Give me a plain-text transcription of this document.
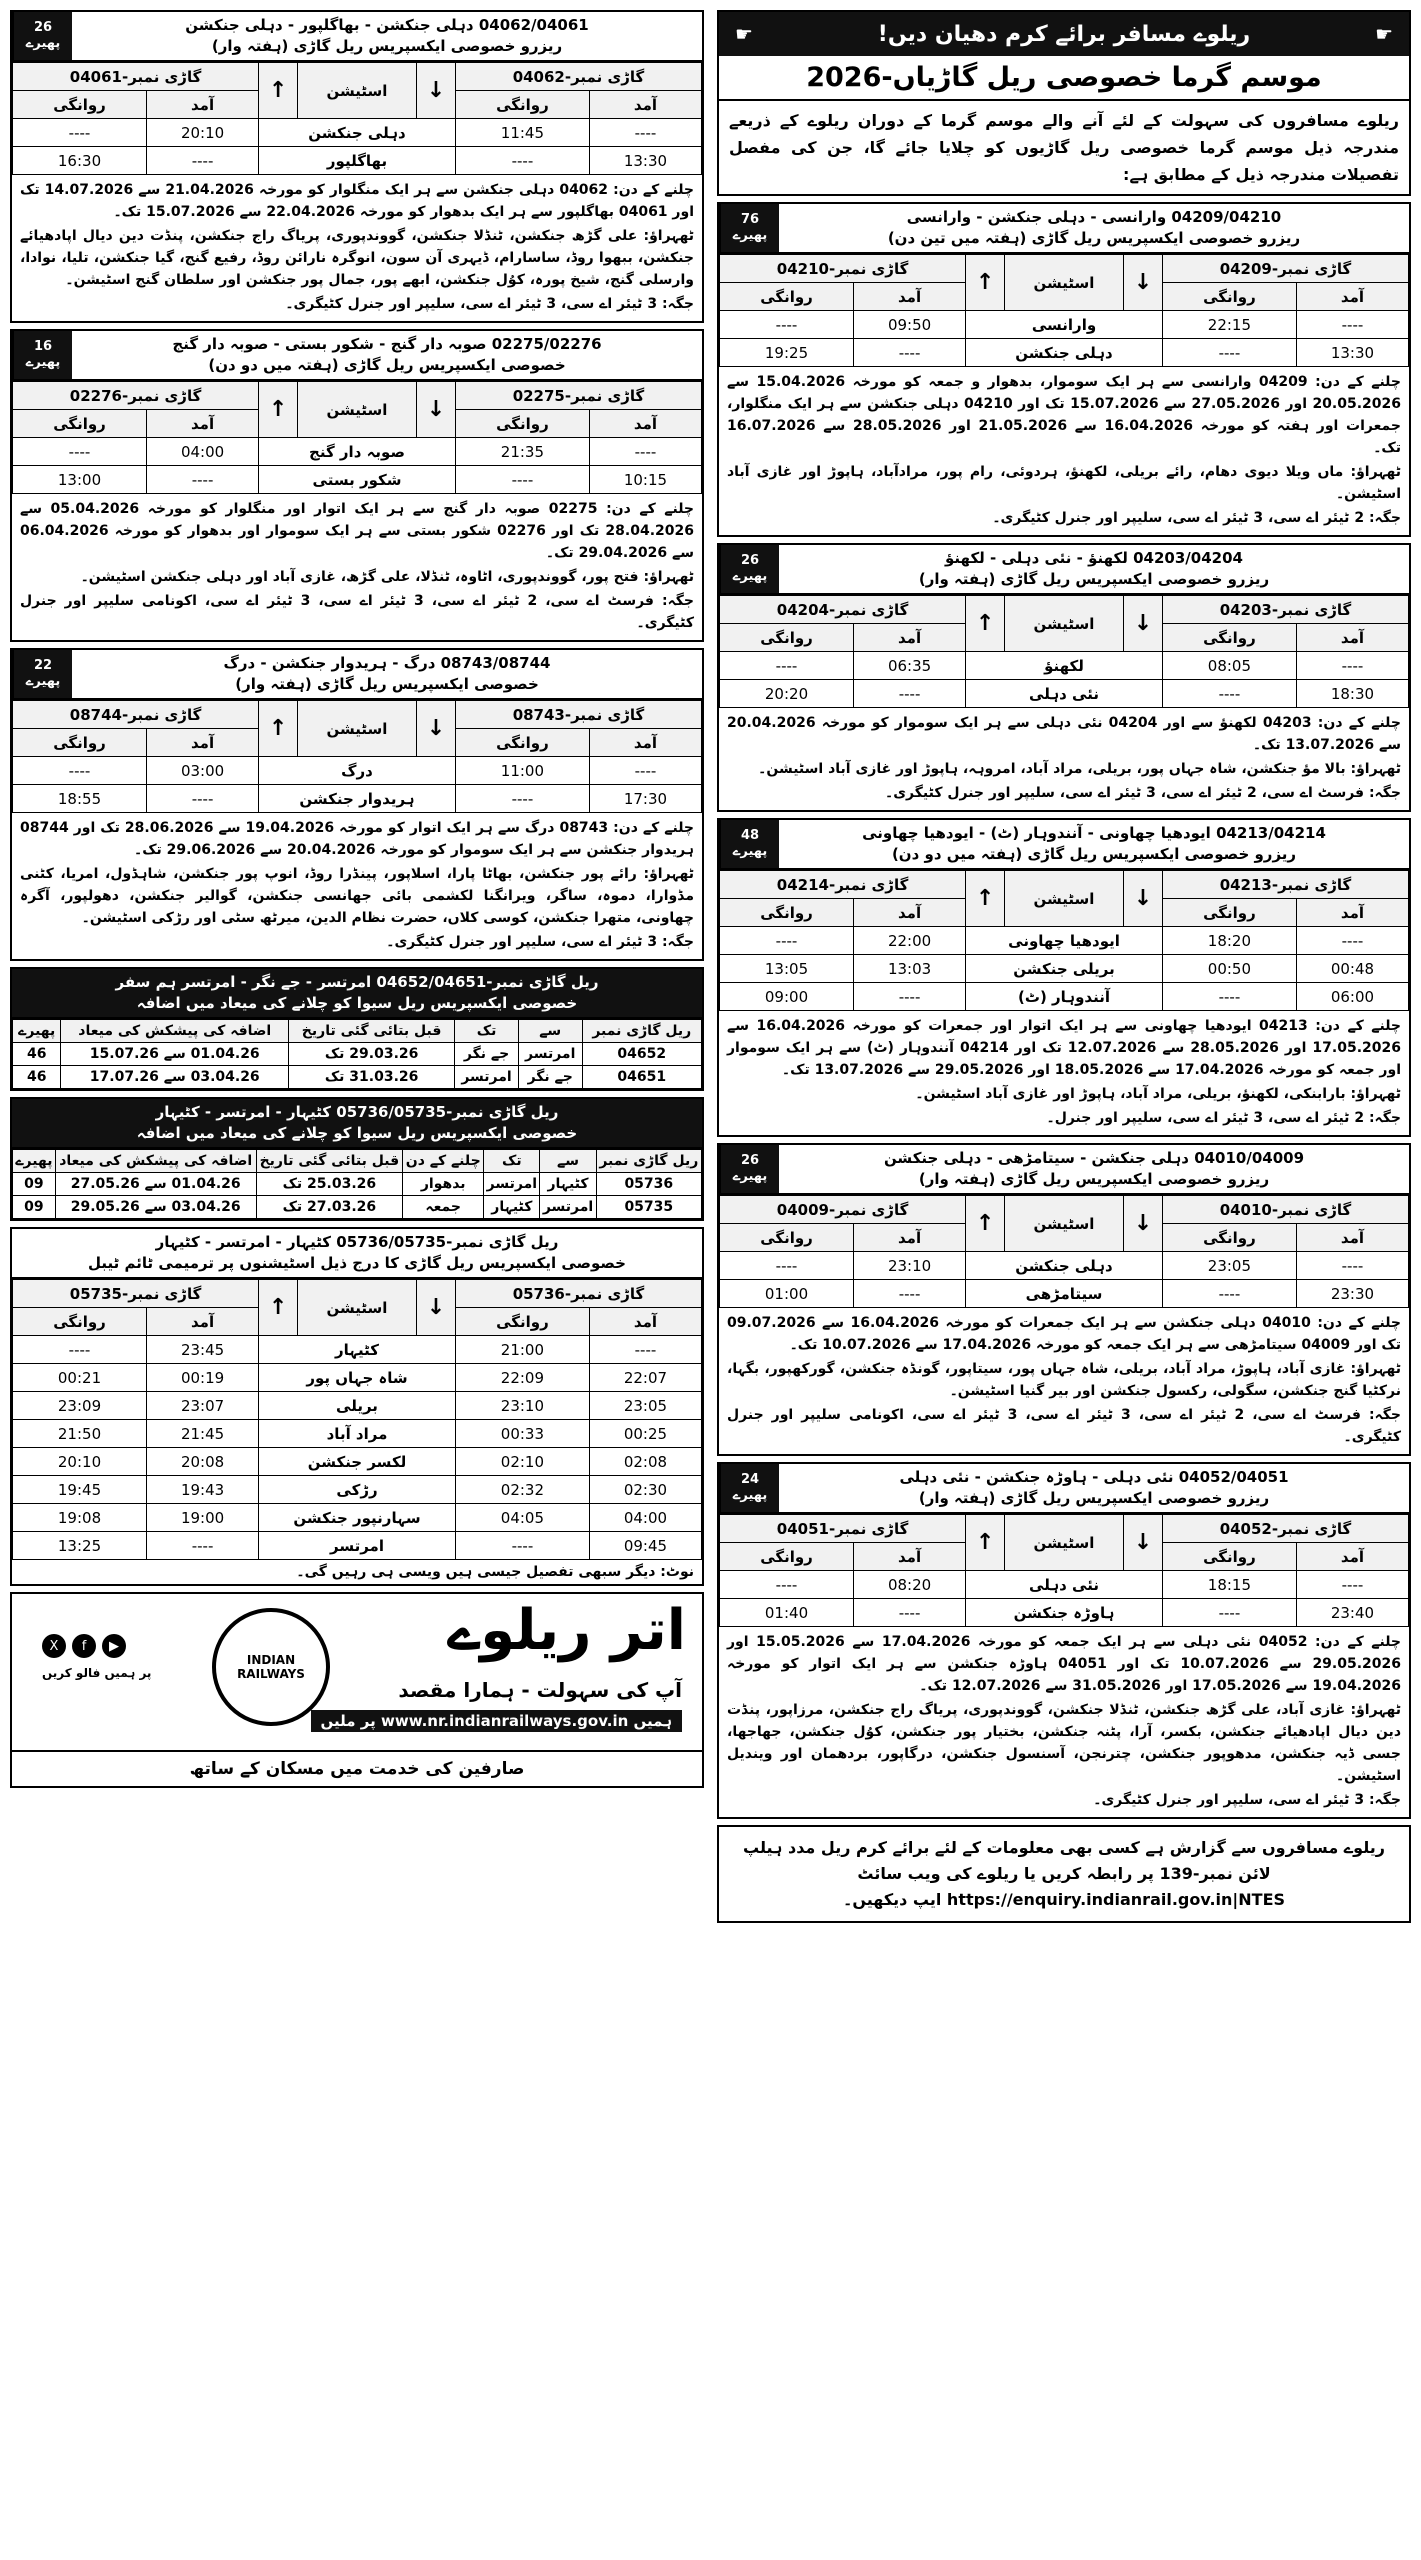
04062/04061 دہلی جنکشن - بھاگلپور - دہلی جنکشن
ریزرو خصوصی ایکسپریس ریل گاڑی (ہفتہ وار)
26
پھیرے
گاڑی نمبر-04062		↓	اسٹیشن	↑	گاڑی نمبر-04061	
آمد	روانگی				آمد	روانگی
----	11:45	دہلی جنکشن			20:10	----
13:30	----	بھاگلپور			----	16:30

چلنے کے دن: 04062 دہلی جنکشن سے ہر ایک منگلوار کو مورخہ 21.04.2026 سے 14.07.2026 تک اور 04061 بھاگلپور سے ہر ایک بدھوار کو مورخہ 22.04.2026 سے 15.07.2026 تک۔

ٹھہراؤ: علی گڑھ جنکشن، ٹنڈلا جنکشن، گووندپوری، پریاگ راج جنکشن، پنڈت دین دیال اپادھیائے جنکشن، ببھوا روڈ، ساسارام، ڈیہری آن سون، انوگرہ نارائن روڈ، رفیع گنج، گیا جنکشن، تلیا، نوادا، وارسلی گنج، شیخ پورہ، کوُل جنکشن، ابھے پور، جمال پور جنکشن اور سلطان گنج اسٹیشن۔

جگہ: 3 ٹیئر اے سی، 3 ٹیئر اے سی، سلیپر اور جنرل کٹیگری۔

02275/02276 صوبہ دار گنج - شکور بستی - صوبہ دار گنج
خصوصی ایکسپریس ریل گاڑی (ہفتہ میں دو دن)
16
پھیرے
گاڑی نمبر-02275		↓	اسٹیشن	↑	گاڑی نمبر-02276	
آمد	روانگی				آمد	روانگی
----	21:35	صوبہ دار گنج			04:00	----
10:15	----	شکور بستی			----	13:00

چلنے کے دن: 02275 صوبہ دار گنج سے ہر ایک اتوار اور منگلوار کو مورخہ 05.04.2026 سے 28.04.2026 تک اور 02276 شکور بستی سے ہر ایک سوموار اور بدھوار کو مورخہ 06.04.2026 سے 29.04.2026 تک۔

ٹھہراؤ: فتح پور، گووندپوری، اٹاوہ، ٹنڈلا، علی گڑھ، غازی آباد اور دہلی جنکشن اسٹیشن۔

جگہ: فرسٹ اے سی، 2 ٹیئر اے سی، 3 ٹیئر اے سی، 3 ٹیئر اے سی، اکونامی سلیپر اور جنرل کٹیگری۔

08743/08744 درگ - ہریدوار جنکشن - درگ
خصوصی ایکسپریس ریل گاڑی (ہفتہ وار)
22
پھیرے
گاڑی نمبر-08743		↓	اسٹیشن	↑	گاڑی نمبر-08744	
آمد	روانگی				آمد	روانگی
----	11:00	درگ			03:00	----
17:30	----	ہریدوار جنکشن			----	18:55

چلنے کے دن: 08743 درگ سے ہر ایک اتوار کو مورخہ 19.04.2026 سے 28.06.2026 تک اور 08744 ہریدوار جنکشن سے ہر ایک سوموار کو مورخہ 20.04.2026 سے 29.06.2026 تک۔

ٹھہراؤ: رائے پور جنکشن، بھاٹا پارا، اسلاپور، پینڈرا روڈ، انوپ پور جنکشن، شاہڈول، امریا، کٹنی مڈوارا، دموہ، ساگر، ویرانگنا لکشمی بائی جھانسی جنکشن، گوالیر جنکشن، دھولپور، آگرہ چھاونی، متھرا جنکشن، کوسی کلاں، حضرت نظام الدین، میرٹھ سٹی اور رڑکی اسٹیشن۔

جگہ: 3 ٹیئر اے سی، سلیپر اور جنرل کٹیگری۔

ریل گاڑی نمبر-04652/04651 امرتسر - جے نگر - امرتسر ہم سفر
خصوصی ایکسپریس ریل سیوا کو چلانے کی میعاد میں اضافہ
ریل گاڑی نمبر	سے	تک	قبل بتائی گئی تاریخ	اضافہ کی پیشکش کی میعاد	پھیرے
04652	امرتسر	جے نگر	29.03.26 تک	01.04.26 سے 15.07.26	46
04651	جے نگر	امرتسر	31.03.26 تک	03.04.26 سے 17.07.26	46
ریل گاڑی نمبر-05736/05735 کٹیہار - امرتسر - کٹیہار
خصوصی ایکسپریس ریل سیوا کو چلانے کی میعاد میں اضافہ
ریل گاڑی نمبر	سے	تک	چلنے کے دن	قبل بتائی گئی تاریخ	اضافہ کی پیشکش کی میعاد	پھیرے
05736	کٹیہار	امرتسر	بدھوار	25.03.26 تک	01.04.26 سے 27.05.26	09
05735	امرتسر	کٹیہار	جمعہ	27.03.26 تک	03.04.26 سے 29.05.26	09
ریل گاڑی نمبر-05736/05735 کٹیہار - امرتسر - کٹیہار
خصوصی ایکسپریس ریل گاڑی کا درج ذیل اسٹیشنوں پر ترمیمی ٹائم ٹیبل
گاڑی نمبر-05736		↓	اسٹیشن	↑	گاڑی نمبر-05735	
آمد	روانگی				آمد	روانگی
----	21:00	کٹیہار			23:45	----
22:07	22:09	شاہ جہاں پور			00:19	00:21
23:05	23:10	بریلی			23:07	23:09
00:25	00:33	مراد آباد			21:45	21:50
02:08	02:10	لکسر جنکشن			20:08	20:10
02:30	02:32	رڑکی			19:43	19:45
04:00	04:05	سہارنپور جنکشن			19:00	19:08
09:45	----	امرتسر			----	13:25
نوٹ: دیگر سبھی تفصیل جیسی ہیں ویسی ہی رہیں گی۔
اتر ریلوے
آپ کی سہولت - ہمارا مقصد
ہمیں www.nr.indianrailways.gov.in پر ملیں
INDIAN RAILWAYS
▶
f
X
پر ہمیں فالو کریں
صارفین کی خدمت میں مسکان کے ساتھ
☛
ریلوے مسافر برائے کرم دھیان دیں!
☛
موسم گرما خصوصی ریل گاڑیاں-2026
ریلوے مسافروں کی سہولت کے لئے آنے والے موسم گرما کے دوران ریلوے کے ذریعے مندرجہ ذیل موسم گرما خصوصی ریل گاڑیوں کو چلایا جائے گا، جن کی مفصل تفصیلات مندرجہ ذیل کے مطابق ہے:
04209/04210 وارانسی - دہلی جنکشن - وارانسی
ریزرو خصوصی ایکسپریس ریل گاڑی (ہفتہ میں تین دن)
76
پھیرے
گاڑی نمبر-04209		↓	اسٹیشن	↑	گاڑی نمبر-04210	
آمد	روانگی				آمد	روانگی
----	22:15	وارانسی			09:50	----
13:30	----	دہلی جنکشن			----	19:25

چلنے کے دن: 04209 وارانسی سے ہر ایک سوموار، بدھوار و جمعہ کو مورخہ 15.04.2026 سے 20.05.2026 اور 27.05.2026 سے 15.07.2026 تک اور 04210 دہلی جنکشن سے ہر ایک منگلوار، جمعرات اور ہفتہ کو مورخہ 16.04.2026 سے 21.05.2026 اور 28.05.2026 سے 16.07.2026 تک۔

ٹھہراؤ: ماں ویلا دیوی دھام، رائے بریلی، لکھنؤ، ہردوئی، رام پور، مرادآباد، ہاپوڑ اور غازی آباد اسٹیشن۔

جگہ: 2 ٹیئر اے سی، 3 ٹیئر اے سی، سلیپر اور جنرل کٹیگری۔

04203/04204 لکھنؤ - نئی دہلی - لکھنؤ
ریزرو خصوصی ایکسپریس ریل گاڑی (ہفتہ وار)
26
پھیرے
گاڑی نمبر-04203		↓	اسٹیشن	↑	گاڑی نمبر-04204	
آمد	روانگی				آمد	روانگی
----	08:05	لکھنؤ			06:35	----
18:30	----	نئی دہلی			----	20:20

چلنے کے دن: 04203 لکھنؤ سے اور 04204 نئی دہلی سے ہر ایک سوموار کو مورخہ 20.04.2026 سے 13.07.2026 تک۔

ٹھہراؤ: بالا مؤ جنکشن، شاہ جہاں پور، بریلی، مراد آباد، امروہہ، ہاپوڑ اور غازی آباد اسٹیشن۔

جگہ: فرسٹ اے سی، 2 ٹیئر اے سی، 3 ٹیئر اے سی، سلیپر اور جنرل کٹیگری۔

04213/04214 ایودھیا چھاونی - آنندوہار (ٹ) - ایودھیا چھاونی
ریزرو خصوصی ایکسپریس ریل گاڑی (ہفتہ میں دو دن)
48
پھیرے
گاڑی نمبر-04213		↓	اسٹیشن	↑	گاڑی نمبر-04214	
آمد	روانگی				آمد	روانگی
----	18:20	ایودھیا چھاونی			22:00	----
00:48	00:50	بریلی جنکشن			13:03	13:05
06:00	----	آنندوہار (ٹ)			----	09:00

چلنے کے دن: 04213 ایودھیا چھاونی سے ہر ایک اتوار اور جمعرات کو مورخہ 16.04.2026 سے 17.05.2026 اور 28.05.2026 سے 12.07.2026 تک اور 04214 آنندوہار (ٹ) سے ہر ایک سوموار اور جمعہ کو مورخہ 17.04.2026 سے 18.05.2026 اور 29.05.2026 سے 13.07.2026 تک۔

ٹھہراؤ: بارابنکی، لکھنؤ، بریلی، مراد آباد، ہاپوڑ اور غازی آباد اسٹیشن۔

جگہ: 2 ٹیئر اے سی، 3 ٹیئر اے سی، سلیپر اور جنرل۔

04010/04009 دہلی جنکشن - سیتامڑھی - دہلی جنکشن
ریزرو خصوصی ایکسپریس ریل گاڑی (ہفتہ وار)
26
پھیرے
گاڑی نمبر-04010		↓	اسٹیشن	↑	گاڑی نمبر-04009	
آمد	روانگی				آمد	روانگی
----	23:05	دہلی جنکشن			23:10	----
23:30	----	سیتامڑھی			----	01:00

چلنے کے دن: 04010 دہلی جنکشن سے ہر ایک جمعرات کو مورخہ 16.04.2026 سے 09.07.2026 تک اور 04009 سیتامڑھی سے ہر ایک جمعہ کو مورخہ 17.04.2026 سے 10.07.2026 تک۔

ٹھہراؤ: غازی آباد، ہاپوڑ، مراد آباد، بریلی، شاہ جہاں پور، سیتاپور، گونڈہ جنکشن، گورکھپور، بگہا، نرکٹیا گنج جنکشن، سگولی، رکسول جنکشن اور بیر گنیا اسٹیشن۔

جگہ: فرسٹ اے سی، 2 ٹیئر اے سی، 3 ٹیئر اے سی، 3 ٹیئر اے سی، اکونامی سلیپر اور جنرل کٹیگری۔

04052/04051 نئی دہلی - ہاوڑہ جنکشن - نئی دہلی
ریزرو خصوصی ایکسپریس ریل گاڑی (ہفتہ وار)
24
پھیرے
گاڑی نمبر-04052		↓	اسٹیشن	↑	گاڑی نمبر-04051	
آمد	روانگی				آمد	روانگی
----	18:15	نئی دہلی			08:20	----
23:40	----	ہاوڑہ جنکشن			----	01:40

چلنے کے دن: 04052 نئی دہلی سے ہر ایک جمعہ کو مورخہ 17.04.2026 سے 15.05.2026 اور 29.05.2026 سے 10.07.2026 تک اور 04051 ہاوڑہ جنکشن سے ہر ایک اتوار کو مورخہ 19.04.2026 سے 17.05.2026 اور 31.05.2026 سے 12.07.2026 تک۔

ٹھہراؤ: غازی آباد، علی گڑھ جنکشن، ٹنڈلا جنکشن، گووندپوری، پریاگ راج جنکشن، مرزاپور، پنڈت دین دیال اپادھیائے جنکشن، بکسر، آرا، پٹنہ جنکشن، بختیار پور جنکشن، کوُل جنکشن، جھاجھا، جسی ڈیہ جنکشن، مدھوپور جنکشن، چترنجن، آسنسول جنکشن، درگاپور، بردھمان اور ویندیل اسٹیشن۔

جگہ: 3 ٹیئر اے سی، سلیپر اور جنرل کٹیگری۔

ریلوے مسافروں سے گزارش ہے کسی بھی معلومات کے لئے برائے کرم ریل مدد ہیلپ لائن نمبر-139 پر رابطہ کریں یا ریلوے کی ویب سائٹ https://enquiry.indianrail.gov.in|NTES ایپ دیکھیں۔
